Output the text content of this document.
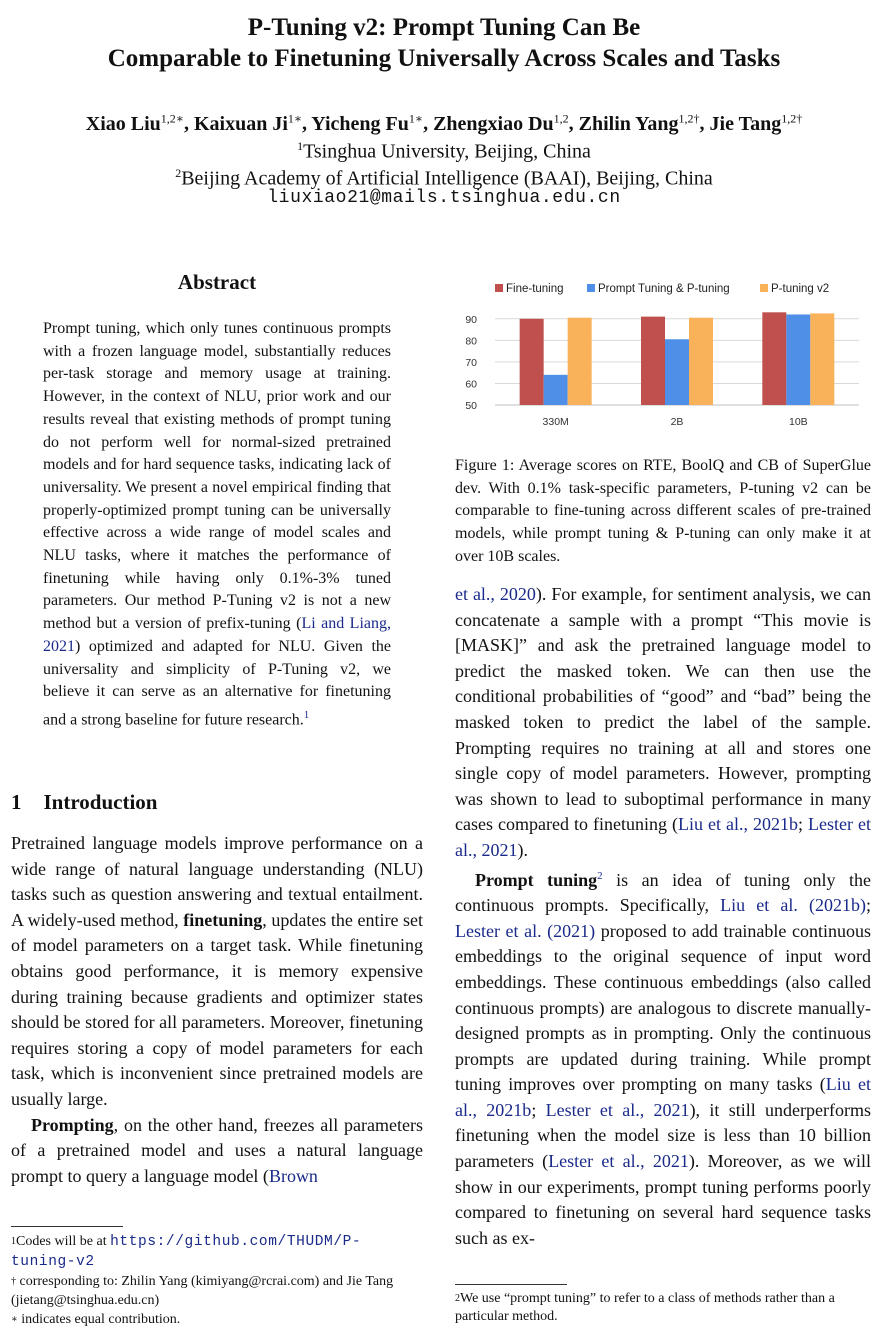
P-Tuning v2: Prompt Tuning Can Be
Comparable to Finetuning Universally Across Scales and Tasks
Xiao Liu$^{1,2∗}$, Kaixuan $Ji^{1∗}$, Yicheng $Fu^{1∗}$, Zhengxiao Du$^{1,2}$, Zhilin Yang$^{1,2\dagger}$, Jie Tang$^{1,2\dagger}$
$^1$Tsinghua University, Beijing, China
$^2$Beijing Academy of Artificial Intelligence (BAAI), Beijing, China
liuxiao21@mails.tsinghua.edu.cn
Abstract
Prompt tuning, which only tunes continuous prompts with a frozen language model, substantially reduces per-task storage and memory usage at training. However, in the context of NLU, prior work and our results reveal that existing methods of prompt tuning do not perform well for normal-sized pretrained models and for hard sequence tasks, indicating lack of universality. We present a novel empirical finding that properly-optimized prompt tuning can be universally effective across a wide range of model scales and NLU tasks, where it matches the performance of finetuning while having only 0.1%-3% tuned parameters. Our method P-Tuning v2 is not a new method but a version of prefix-tuning (Li and Liang, 2021) optimized and adapted for NLU. Given the universality and simplicity of P-Tuning v2, we believe it can serve as an alternative for finetuning and a strong baseline for future research.$^1$
1 Introduction

Pretrained language models improve performance on a wide range of natural language understanding (NLU) tasks such as question answering and textual entailment. A widely-used method, finetuning, updates the entire set of model parameters on a target task. While finetuning obtains good performance, it is memory expensive during training because gradients and optimizer states should be stored for all parameters. Moreover, finetuning requires storing a copy of model parameters for each task, which is inconvenient since pretrained models are usually large.

Prompting, on the other hand, freezes all parameters of a pretrained model and uses a natural language prompt to query a language model (Brown

$^1$Codes will be at https://github.com/THUDM/P-tuning-v2

† corresponding to: Zhilin Yang (kimiyang@rcrai.com) and Jie Tang (jietang@tsinghua.edu.cn)

∗ indicates equal contribution.

Fine-tuning	Prompt Tuning & P-tuning	P-tuning v2
50
60
70
80
90
330M	2B	10B
Figure 1: Average scores on RTE, BoolQ and CB of SuperGlue dev. With 0.1% task-specific parameters, P-tuning v2 can be comparable to fine-tuning across different scales of pre-trained models, while prompt tuning & P-tuning can only make it at over 10B scales.

et al., 2020). For example, for sentiment analysis, we can concatenate a sample with a prompt “This movie is [MASK]” and ask the pretrained language model to predict the masked token. We can then use the conditional probabilities of “good” and “bad” being the masked token to predict the label of the sample. Prompting requires no training at all and stores one single copy of model parameters. However, prompting was shown to lead to suboptimal performance in many cases compared to finetuning (Liu et al., 2021b; Lester et al., 2021).

Prompt tuning$^2$ is an idea of tuning only the continuous prompts. Specifically, Liu et al. (2021b); Lester et al. (2021) proposed to add trainable continuous embeddings to the original sequence of input word embeddings. These continuous embeddings (also called continuous prompts) are analogous to discrete manually-designed prompts as in prompting. Only the continuous prompts are updated during training. While prompt tuning improves over prompting on many tasks (Liu et al., 2021b; Lester et al., 2021), it still underperforms finetuning when the model size is less than 10 billion parameters (Lester et al., 2021). Moreover, as we will show in our experiments, prompt tuning performs poorly compared to finetuning on several hard sequence tasks such as ex-

$^2$We use “prompt tuning” to refer to a class of methods rather than a particular method.
